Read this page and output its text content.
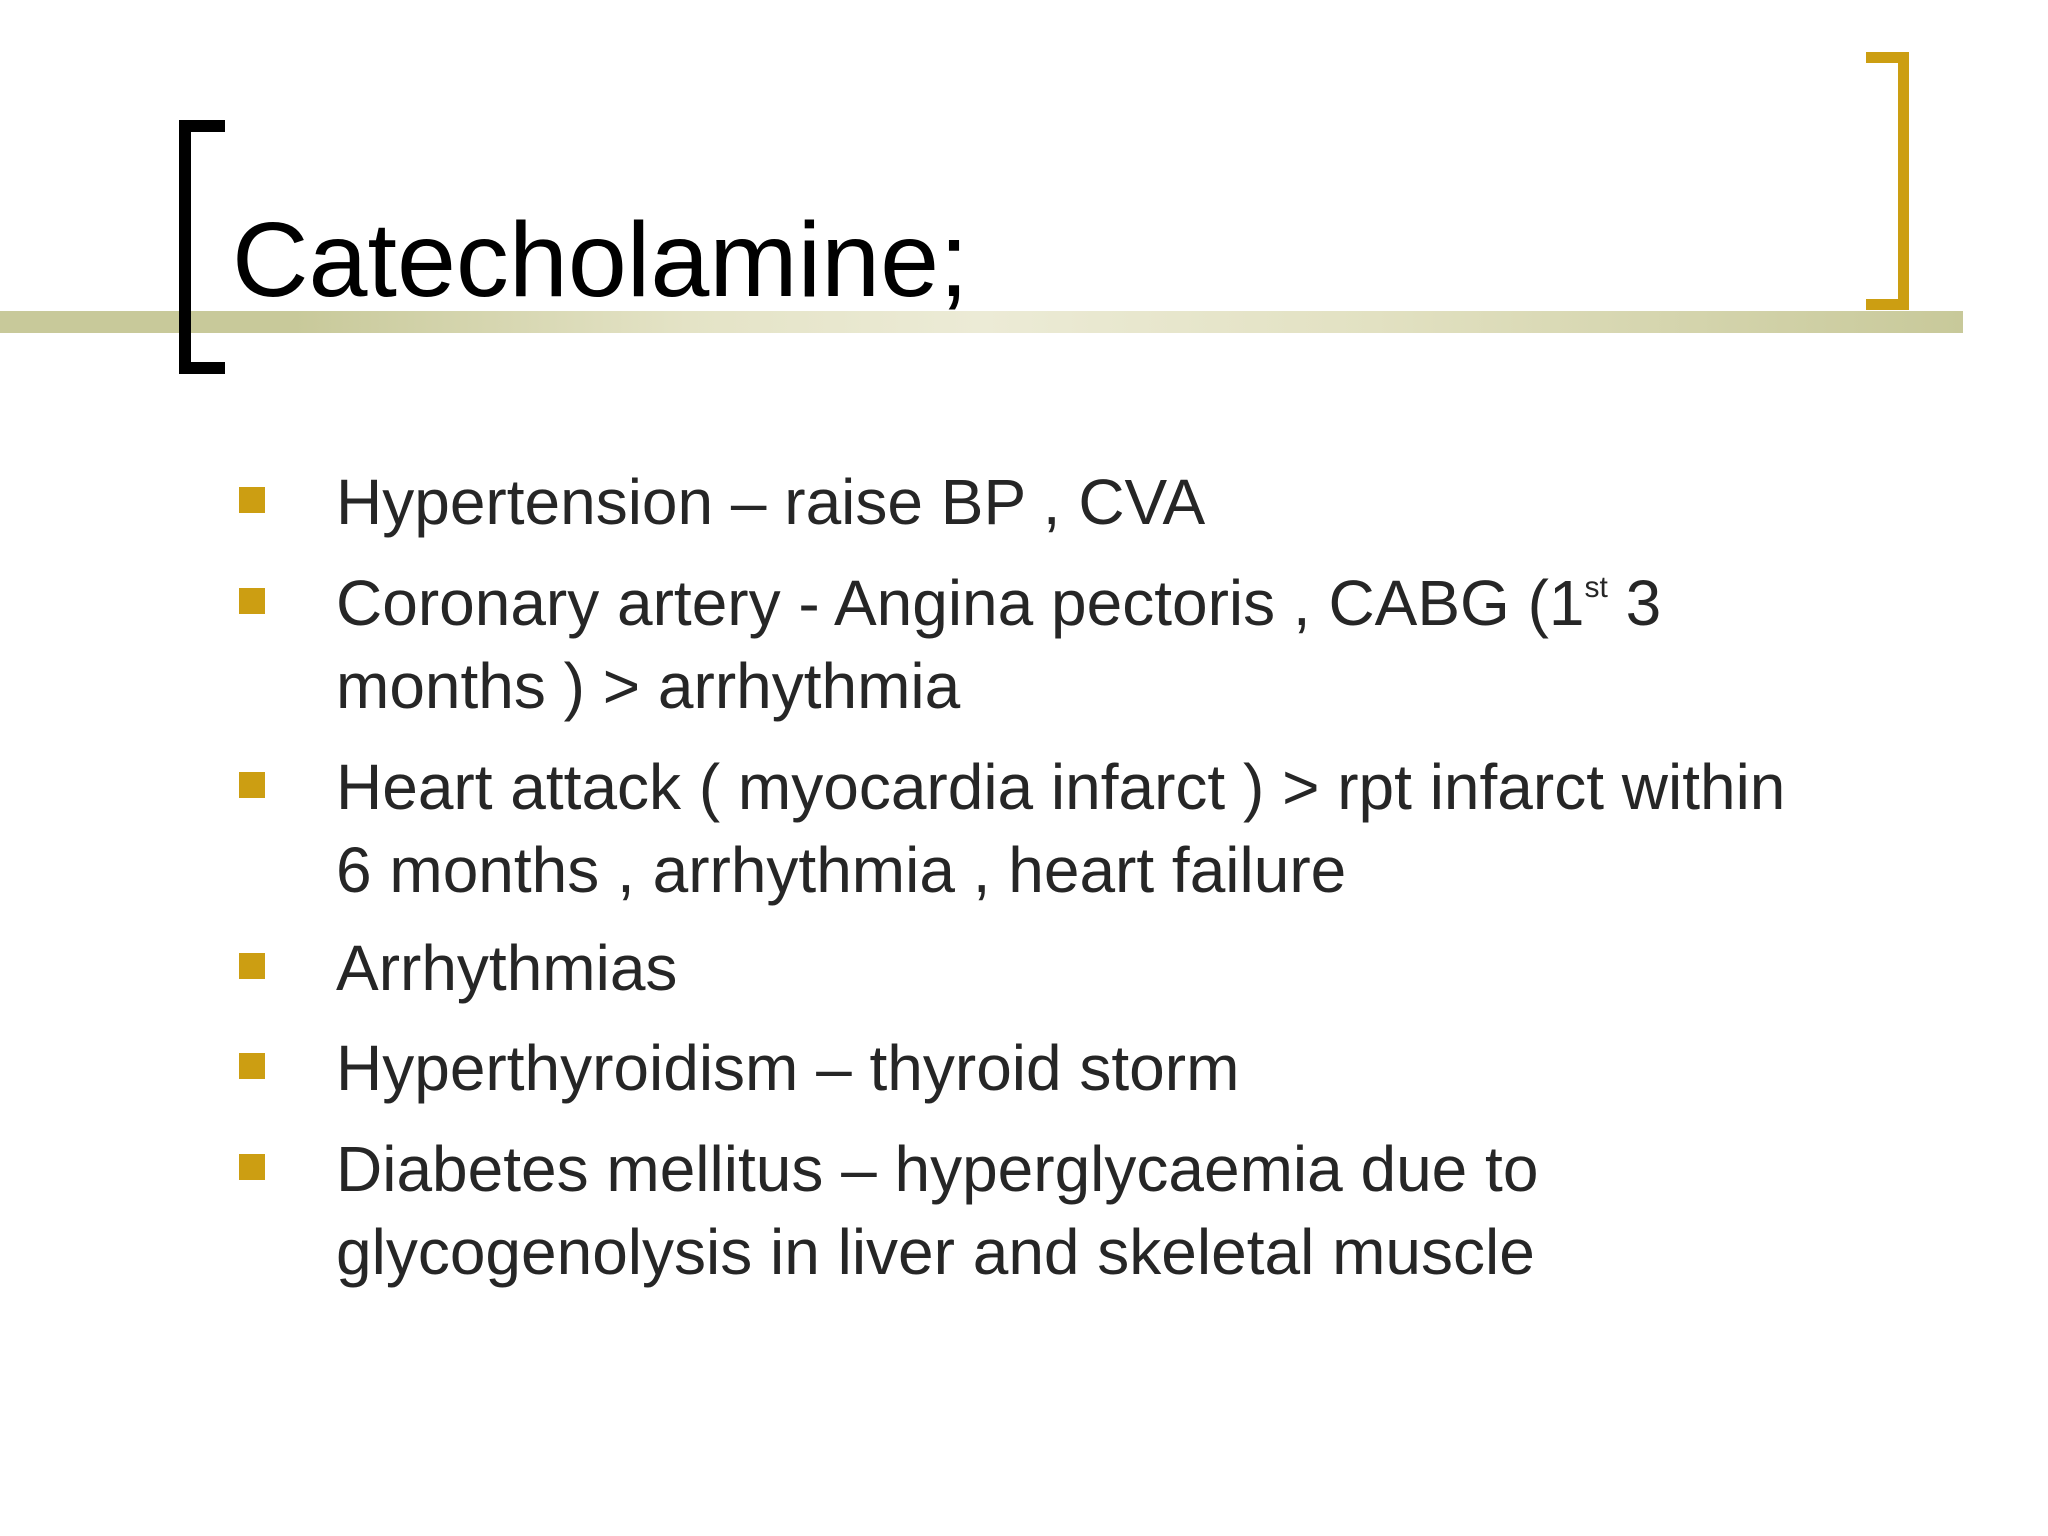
Catecholamine;
Hypertension – raise BP , CVA
Coronary artery - Angina pectoris , CABG (1st 3
months ) > arrhythmia
Heart attack ( myocardia infarct ) > rpt infarct within
6 months , arrhythmia , heart failure
Arrhythmias
Hyperthyroidism – thyroid storm
Diabetes mellitus – hyperglycaemia due to
glycogenolysis in liver and skeletal muscle
